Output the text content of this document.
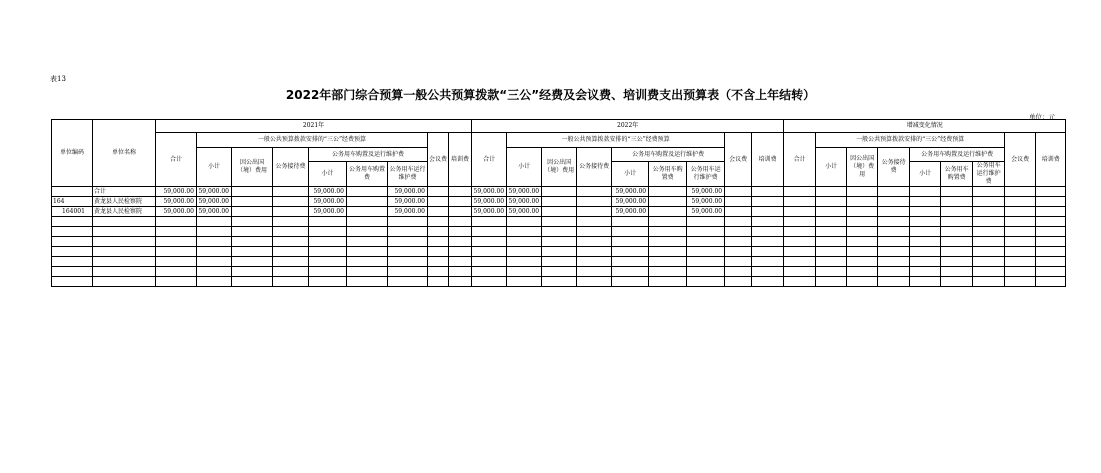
表13
2022年部门综合预算一般公共预算拨款“三公”经费及会议费、培训费支出预算表（不含上年结转）
单位：元
单位编码	单位名称	2021年									2022年									增减变化情况								
		合计	一般公共预算拨款安排的“三公”经费预算						会议费	培训费	合计	一般公共预算拨款安排的“三公”经费预算						会议费	培训费	合计	一般公共预算拨款安排的“三公”经费预算						会议费	培训费
			小计	因公出国（境）费用	公务接待费	公务用车购置及运行维护费						小计	因公出国（境）费用	公务接待费	公务用车购置及运行维护费						小计	因公出国（境）费用	公务接待费	公务用车购置及运行维护费				
						小计	公务用车购置费	公务用车运行维护费							小计	公务用车购置费	公务用车运行维护费							小计	公务用车购置费	公务用车运行维护费		
	合计	59,000.00	59,000.00			59,000.00		59,000.00			59,000.00	59,000.00			59,000.00		59,000.00											
164	黄龙县人民检察院	59,000.00	59,000.00			59,000.00		59,000.00			59,000.00	59,000.00			59,000.00		59,000.00											
164001	黄龙县人民检察院	59,000.00	59,000.00			59,000.00		59,000.00			59,000.00	59,000.00			59,000.00		59,000.00											
